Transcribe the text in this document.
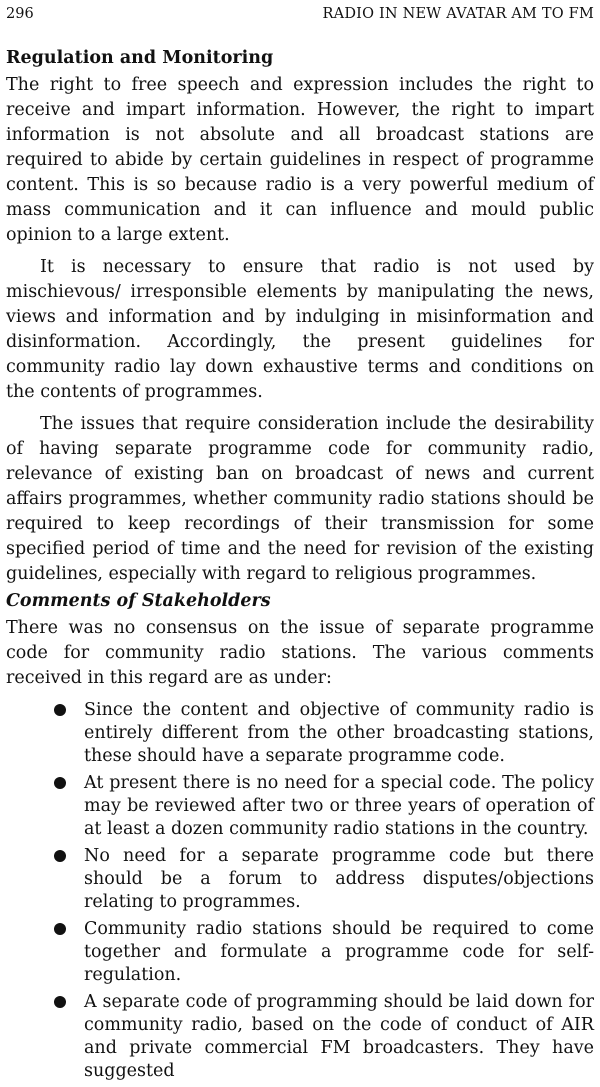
296	RADIO IN NEW AVATAR AM TO FM
Regulation and Monitoring

The right to free speech and expression includes the right to receive and impart information. However, the right to impart information is not absolute and all broadcast stations are required to abide by certain guidelines in respect of programme content. This is so because radio is a very powerful medium of mass communication and it can influence and mould public opinion to a large extent.

It is necessary to ensure that radio is not used by mischievous/ irresponsible elements by manipulating the news, views and information and by indulging in misinformation and disinformation. Accordingly, the present guidelines for community radio lay down exhaustive terms and conditions on the contents of programmes.

The issues that require consideration include the desirability of having separate programme code for community radio, relevance of existing ban on broadcast of news and current affairs programmes, whether community radio stations should be required to keep recordings of their transmission for some specified period of time and the need for revision of the existing guidelines, especially with regard to religious programmes.

Comments of Stakeholders

There was no consensus on the issue of separate programme code for community radio stations. The various comments received in this regard are as under:

Since the content and objective of community radio is entirely different from the other broadcasting stations, these should have a separate programme code.
At present there is no need for a special code. The policy may be reviewed after two or three years of operation of at least a dozen community radio stations in the country.
No need for a separate programme code but there should be a forum to address disputes/objections relating to programmes.
Community radio stations should be required to come together and formulate a programme code for self-regulation.
A separate code of programming should be laid down for community radio, based on the code of conduct of AIR and private commercial FM broadcasters. They have suggested
